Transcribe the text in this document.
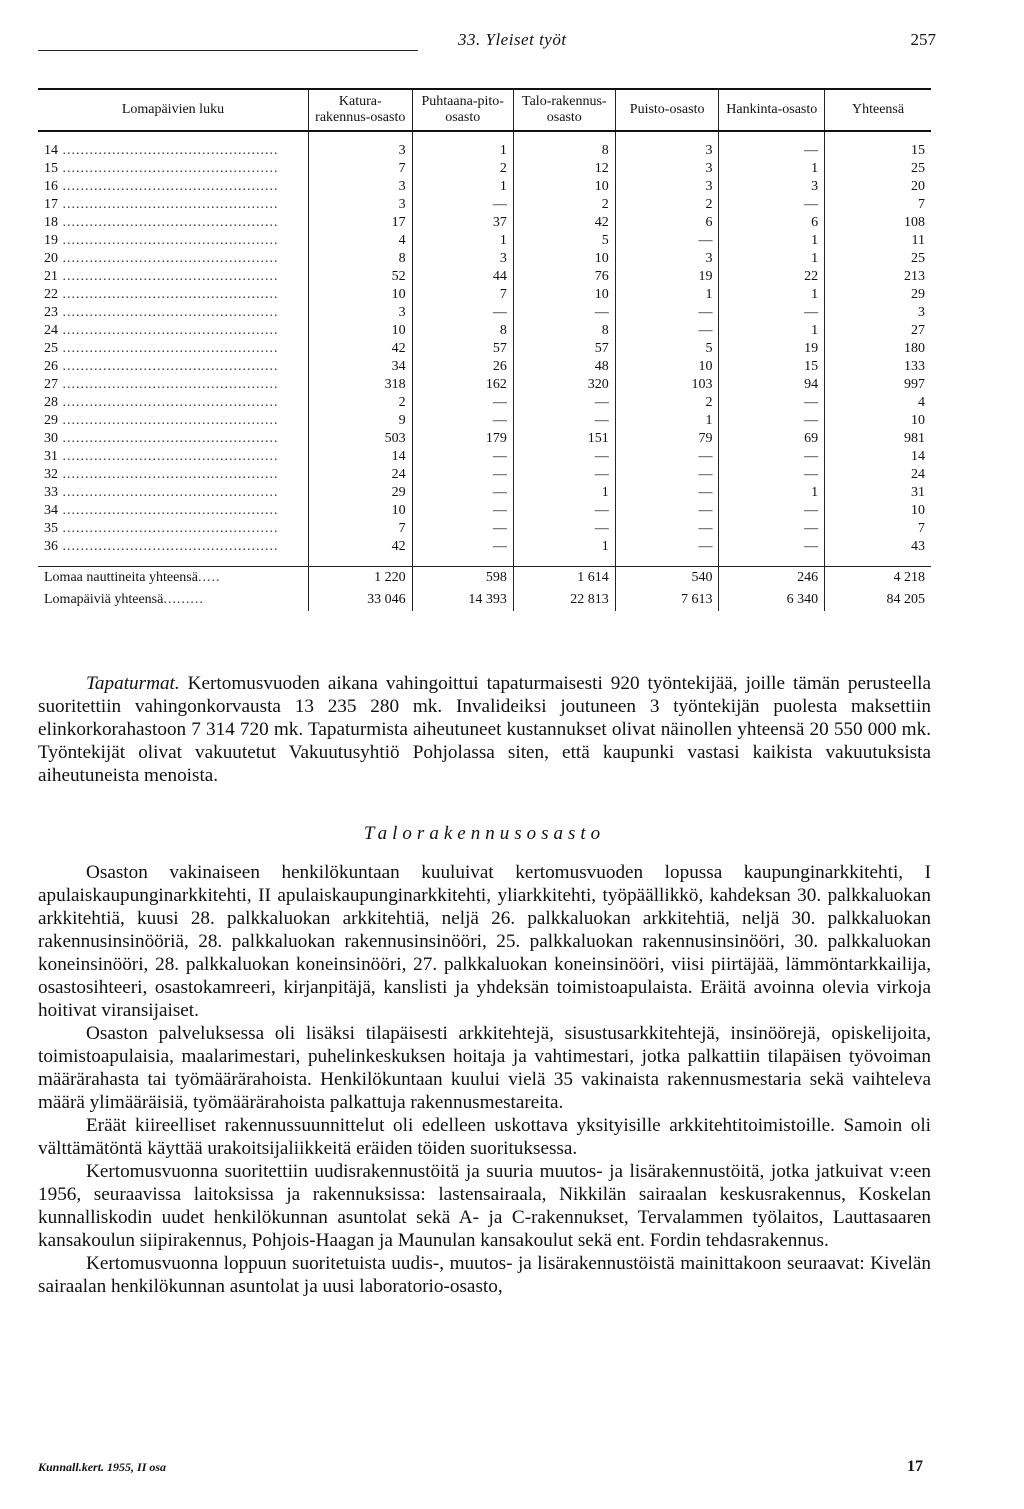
33. Yleiset työt	257
Lomapäivien luku	Katura-rakennus-osasto	Puhtaana-pito-osasto	Talo-rakennus-osasto	Puisto-osasto	Hankinta-osasto	Yhteensä
14 ................................................	3	1	8	3	—	15
15 ................................................	7	2	12	3	1	25
16 ................................................	3	1	10	3	3	20
17 ................................................	3	—	2	2	—	7
18 ................................................	17	37	42	6	6	108
19 ................................................	4	1	5	—	1	11
20 ................................................	8	3	10	3	1	25
21 ................................................	52	44	76	19	22	213
22 ................................................	10	7	10	1	1	29
23 ................................................	3	—	—	—	—	3
24 ................................................	10	8	8	—	1	27
25 ................................................	42	57	57	5	19	180
26 ................................................	34	26	48	10	15	133
27 ................................................	318	162	320	103	94	997
28 ................................................	2	—	—	2	—	4
29 ................................................	9	—	—	1	—	10
30 ................................................	503	179	151	79	69	981
31 ................................................	14	—	—	—	—	14
32 ................................................	24	—	—	—	—	24
33 ................................................	29	—	1	—	1	31
34 ................................................	10	—	—	—	—	10
35 ................................................	7	—	—	—	—	7
36 ................................................	42	—	1	—	—	43
Lomaa nauttineita yhteensä.....	1 220	598	1 614	540	246	4 218
Lomapäiviä yhteensä.........	33 046	14 393	22 813	7 613	6 340	84 205

Tapaturmat. Kertomusvuoden aikana vahingoittui tapaturmaisesti 920 työntekijää, joille tämän perusteella suoritettiin vahingonkorvausta 13 235 280 mk. Invalideiksi joutuneen 3 työntekijän puolesta maksettiin elinkorkorahastoon 7 314 720 mk. Tapaturmista aiheutuneet kustannukset olivat näinollen yhteensä 20 550 000 mk. Työntekijät olivat vakuutetut Vakuutusyhtiö Pohjolassa siten, että kaupunki vastasi kaikista vakuutuksista aiheutuneista menoista.

Talorakennusosasto

Osaston vakinaiseen henkilökuntaan kuuluivat kertomusvuoden lopussa kaupunginarkkitehti, I apulaiskaupunginarkkitehti, II apulaiskaupunginarkkitehti, yliarkkitehti, työpäällikkö, kahdeksan 30. palkkaluokan arkkitehtiä, kuusi 28. palkkaluokan arkkitehtiä, neljä 26. palkkaluokan arkkitehtiä, neljä 30. palkkaluokan rakennusinsinööriä, 28. palkkaluokan rakennusinsinööri, 25. palkkaluokan rakennusinsinööri, 30. palkkaluokan koneinsinööri, 28. palkkaluokan koneinsinööri, 27. palkkaluokan koneinsinööri, viisi piirtäjää, lämmöntarkkailija, osastosihteeri, osastokamreeri, kirjanpitäjä, kanslisti ja yhdeksän toimistoapulaista. Eräitä avoinna olevia virkoja hoitivat viransijaiset.

Osaston palveluksessa oli lisäksi tilapäisesti arkkitehtejä, sisustusarkkitehtejä, insinöörejä, opiskelijoita, toimistoapulaisia, maalarimestari, puhelinkeskuksen hoitaja ja vahtimestari, jotka palkattiin tilapäisen työvoiman määrärahasta tai työmäärärahoista. Henkilökuntaan kuului vielä 35 vakinaista rakennusmestaria sekä vaihteleva määrä ylimääräisiä, työmäärärahoista palkattuja rakennusmestareita.

Eräät kiireelliset rakennussuunnittelut oli edelleen uskottava yksityisille arkkitehtitoimistoille. Samoin oli välttämätöntä käyttää urakoitsijaliikkeitä eräiden töiden suorituksessa.

Kertomusvuonna suoritettiin uudisrakennustöitä ja suuria muutos- ja lisärakennustöitä, jotka jatkuivat v:een 1956, seuraavissa laitoksissa ja rakennuksissa: lastensairaala, Nikkilän sairaalan keskusrakennus, Koskelan kunnalliskodin uudet henkilökunnan asuntolat sekä A- ja C-rakennukset, Tervalammen työlaitos, Lauttasaaren kansakoulun siipirakennus, Pohjois-Haagan ja Maunulan kansakoulut sekä ent. Fordin tehdasrakennus.

Kertomusvuonna loppuun suoritetuista uudis-, muutos- ja lisärakennustöistä mainittakoon seuraavat: Kivelän sairaalan henkilökunnan asuntolat ja uusi laboratorio-osasto,

Kunnall.kert. 1955, II osa	17
